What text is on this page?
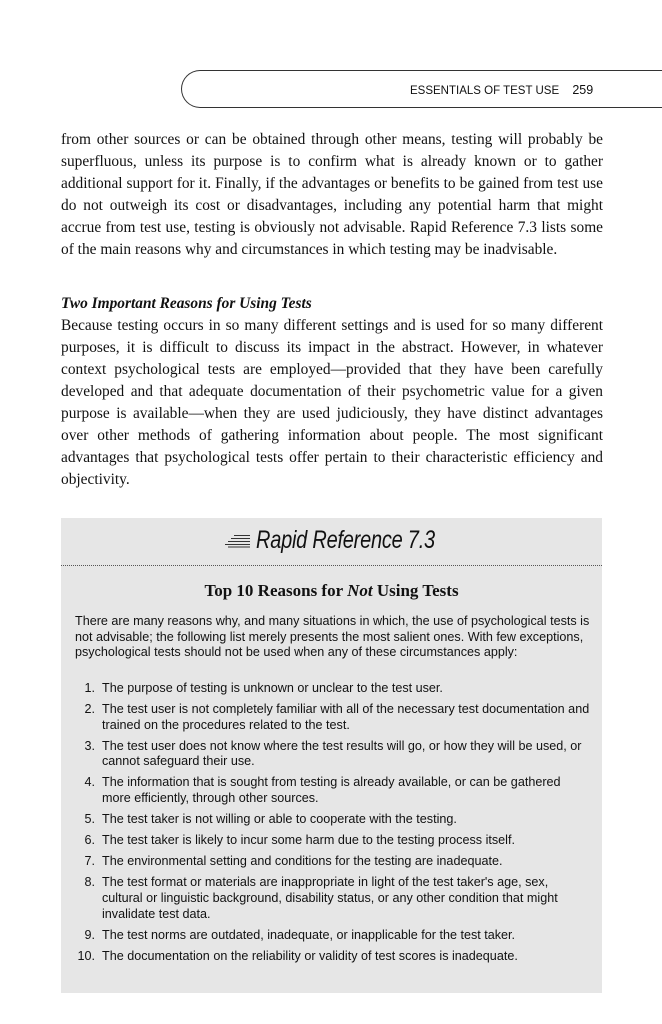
ESSENTIALS OF TEST USE 259

from other sources or can be obtained through other means, testing will probably be superfluous, unless its purpose is to confirm what is already known or to gather additional support for it. Finally, if the advantages or benefits to be gained from test use do not outweigh its cost or disadvantages, including any potential harm that might accrue from test use, testing is obviously not advisable. Rapid Reference 7.3 lists some of the main reasons why and circumstances in which testing may be inadvisable.

Two Important Reasons for Using Tests

Because testing occurs in so many different settings and is used for so many different purposes, it is difficult to discuss its impact in the abstract. However, in whatever context psychological tests are employed—provided that they have been carefully developed and that adequate documentation of their psychometric value for a given purpose is available—when they are used judiciously, they have distinct advantages over other methods of gathering information about people. The most significant advantages that psychological tests offer pertain to their characteristic efficiency and objectivity.

Rapid Reference 7.3
Top 10 Reasons for Not Using Tests

There are many reasons why, and many situations in which, the use of psychological tests is not advisable; the following list merely presents the most salient ones. With few exceptions, psychological tests should not be used when any of these circumstances apply:

1. The purpose of testing is unknown or unclear to the test user.
2. The test user is not completely familiar with all of the necessary test documentation and trained on the procedures related to the test.
3. The test user does not know where the test results will go, or how they will be used, or cannot safeguard their use.
4. The information that is sought from testing is already available, or can be gathered more efficiently, through other sources.
5. The test taker is not willing or able to cooperate with the testing.
6. The test taker is likely to incur some harm due to the testing process itself.
7. The environmental setting and conditions for the testing are inadequate.
8. The test format or materials are inappropriate in light of the test taker's age, sex, cultural or linguistic background, disability status, or any other condition that might invalidate test data.
9. The test norms are outdated, inadequate, or inapplicable for the test taker.
10. The documentation on the reliability or validity of test scores is inadequate.
